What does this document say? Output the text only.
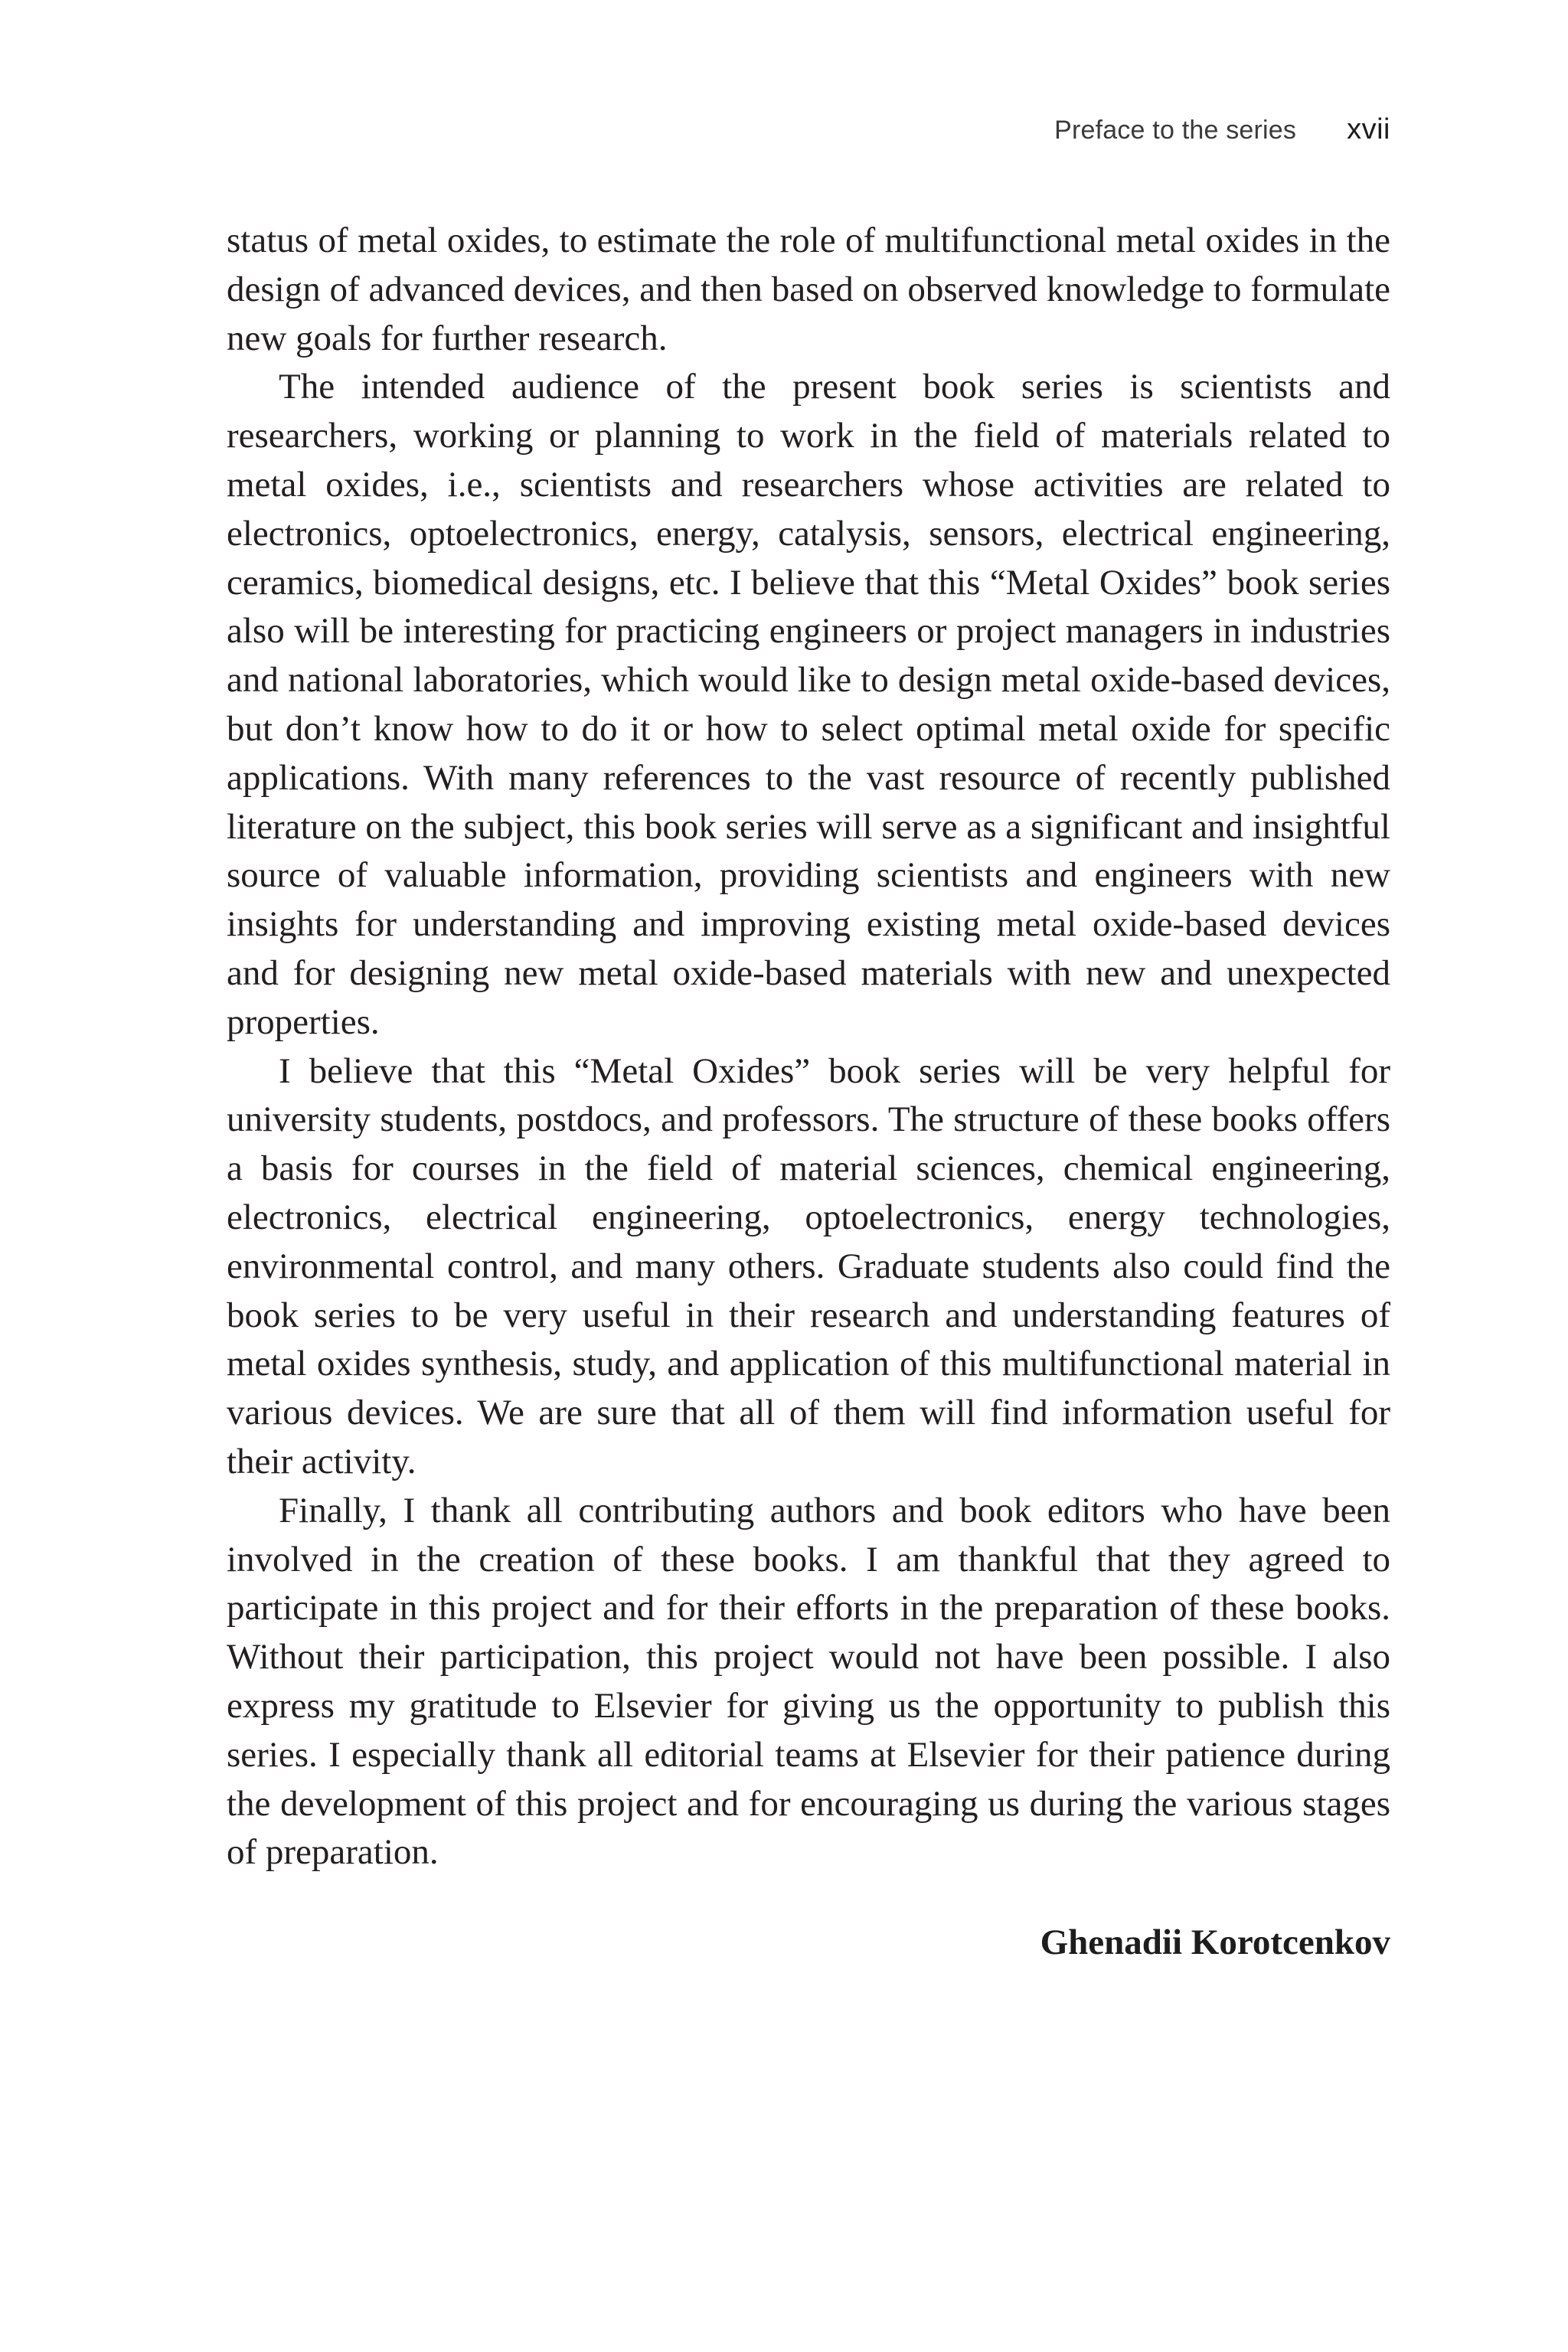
Preface to the series xvii

status of metal oxides, to estimate the role of multifunctional metal oxides in the design of advanced devices, and then based on observed knowledge to formulate new goals for further research.

The intended audience of the present book series is scientists and researchers, working or planning to work in the field of materials related to metal oxides, i.e., scientists and researchers whose activities are related to electronics, optoelectronics, energy, catalysis, sensors, electrical engineering, ceramics, biomedical designs, etc. I believe that this “Metal Oxides” book series also will be interesting for practicing engineers or project managers in industries and national laboratories, which would like to design metal oxide-based devices, but don’t know how to do it or how to select optimal metal oxide for specific applications. With many references to the vast resource of recently published literature on the subject, this book series will serve as a significant and insightful source of valuable information, providing scientists and engineers with new insights for understanding and improving existing metal oxide-based devices and for designing new metal oxide-based materials with new and unexpected properties.

I believe that this “Metal Oxides” book series will be very helpful for university students, postdocs, and professors. The structure of these books offers a basis for courses in the field of material sciences, chemical engineering, electronics, electrical engineering, optoelectronics, energy technologies, environmental control, and many others. Graduate students also could find the book series to be very useful in their research and understanding features of metal oxides synthesis, study, and application of this multifunctional material in various devices. We are sure that all of them will find information useful for their activity.

Finally, I thank all contributing authors and book editors who have been involved in the creation of these books. I am thankful that they agreed to participate in this project and for their efforts in the preparation of these books. Without their participation, this project would not have been possible. I also express my gratitude to Elsevier for giving us the opportunity to publish this series. I especially thank all editorial teams at Elsevier for their patience during the development of this project and for encouraging us during the various stages of preparation.

Ghenadii Korotcenkov
